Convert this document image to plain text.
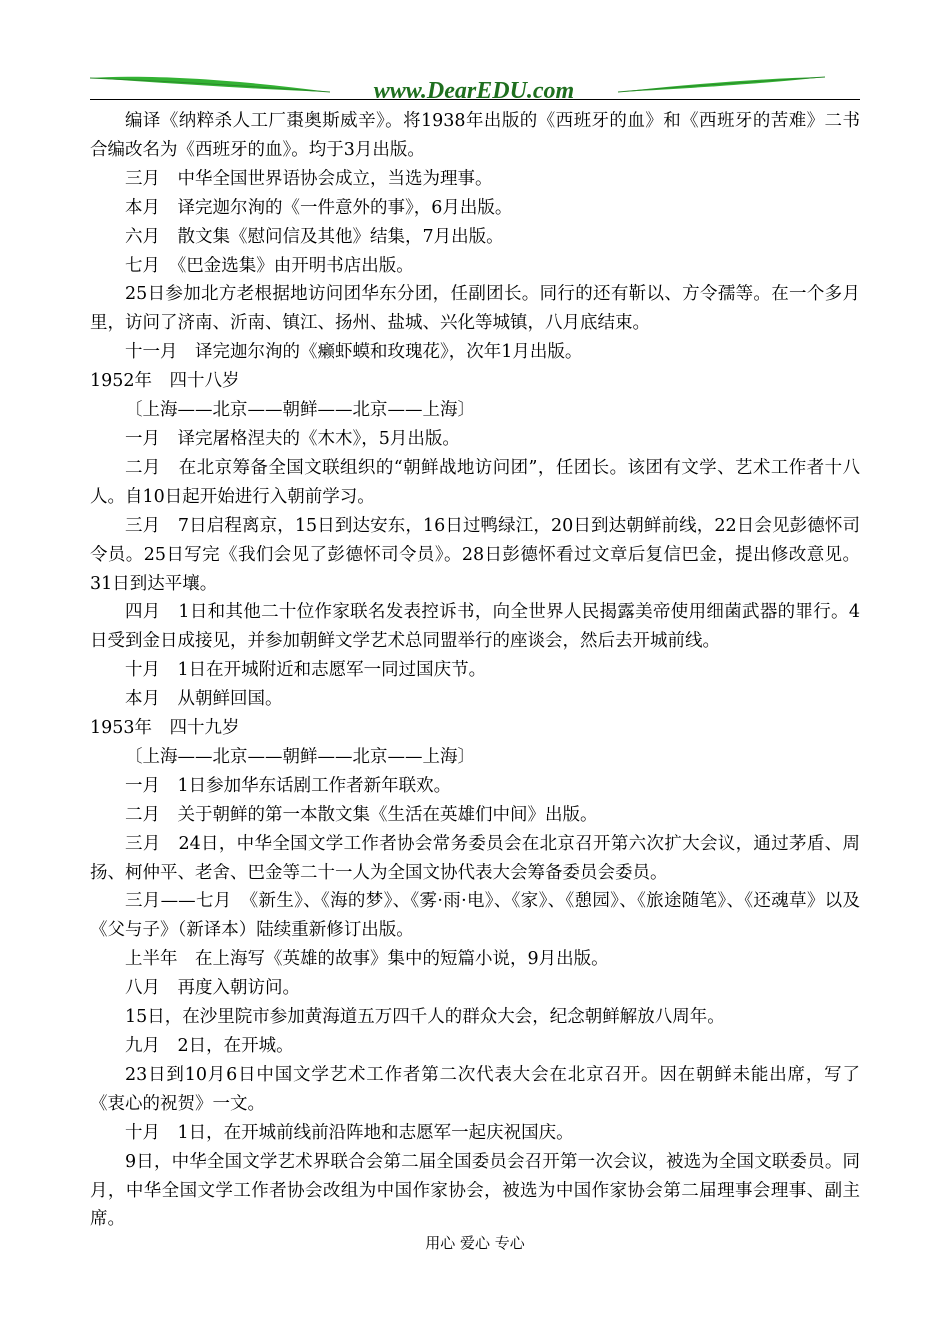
www.DearEDU.com

编译《纳粹杀人工厂棗奥斯威辛》。将1938年出版的《西班牙的血》和《西班牙的苦难》二书合编改名为《西班牙的血》。均于3月出版。

三月　中华全国世界语协会成立，当选为理事。

本月　译完迦尔洵的《一件意外的事》，6月出版。

六月　散文集《慰问信及其他》结集，7月出版。

七月　《巴金选集》由开明书店出版。

25日参加北方老根据地访问团华东分团，任副团长。同行的还有靳以、方令孺等。在一个多月里，访问了济南、沂南、镇江、扬州、盐城、兴化等城镇，八月底结束。

十一月　译完迦尔洵的《癞虾蟆和玫瑰花》，次年1月出版。

1952年　四十八岁

〔上海——北京——朝鲜——北京——上海〕

一月　译完屠格涅夫的《木木》，5月出版。

二月　在北京筹备全国文联组织的“朝鲜战地访问团”，任团长。该团有文学、艺术工作者十八人。自10日起开始进行入朝前学习。

三月　7日启程离京，15日到达安东，16日过鸭绿江，20日到达朝鲜前线，22日会见彭德怀司令员。25日写完《我们会见了彭德怀司令员》。28日彭德怀看过文章后复信巴金，提出修改意见。31日到达平壤。

四月　1日和其他二十位作家联名发表控诉书，向全世界人民揭露美帝使用细菌武器的罪行。4日受到金日成接见，并参加朝鲜文学艺术总同盟举行的座谈会，然后去开城前线。

十月　1日在开城附近和志愿军一同过国庆节。

本月　从朝鲜回国。

1953年　四十九岁

〔上海——北京——朝鲜——北京——上海〕

一月　1日参加华东话剧工作者新年联欢。

二月　关于朝鲜的第一本散文集《生活在英雄们中间》出版。

三月　24日，中华全国文学工作者协会常务委员会在北京召开第六次扩大会议，通过茅盾、周扬、柯仲平、老舍、巴金等二十一人为全国文协代表大会筹备委员会委员。

三月——七月　《新生》、《海的梦》、《雾·雨·电》、《家》、《憩园》、《旅途随笔》、《还魂草》以及《父与子》（新译本）陆续重新修订出版。

上半年　在上海写《英雄的故事》集中的短篇小说，9月出版。

八月　再度入朝访问。

15日，在沙里院市参加黄海道五万四千人的群众大会，纪念朝鲜解放八周年。

九月　2日，在开城。

23日到10月6日中国文学艺术工作者第二次代表大会在北京召开。因在朝鲜未能出席，写了《衷心的祝贺》一文。

十月　1日，在开城前线前沿阵地和志愿军一起庆祝国庆。

9日，中华全国文学艺术界联合会第二届全国委员会召开第一次会议，被选为全国文联委员。同月，中华全国文学工作者协会改组为中国作家协会，被选为中国作家协会第二届理事会理事、副主席。

用心 爱心 专心
